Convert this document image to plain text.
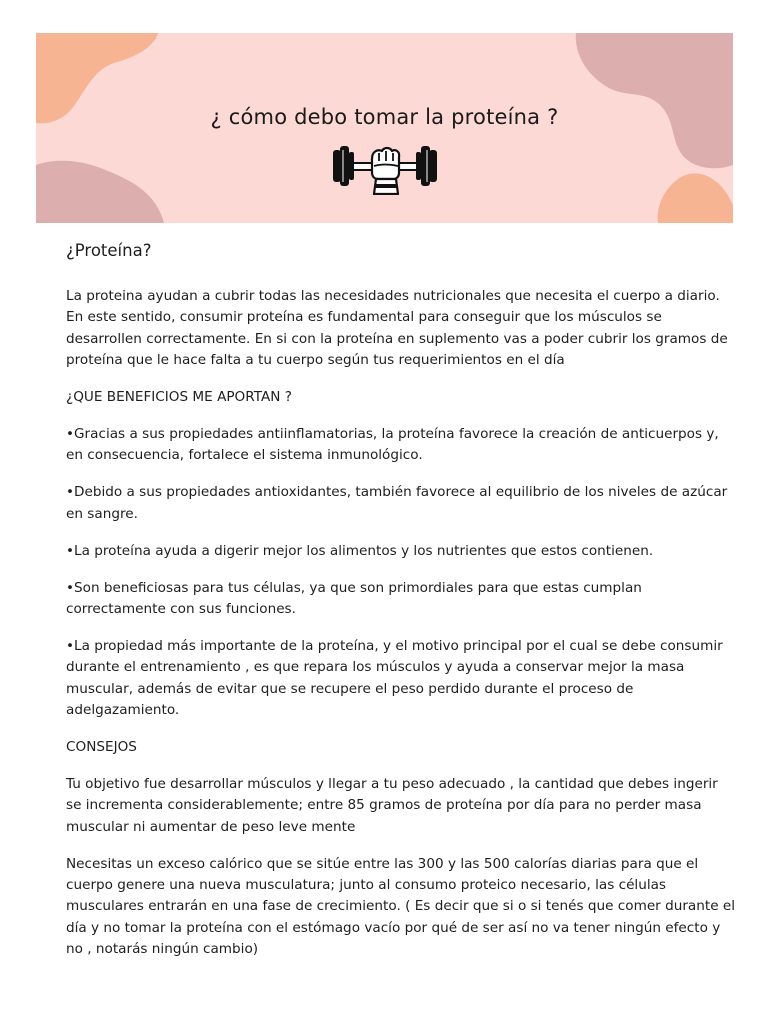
¿ cómo debo tomar la proteína ?
¿Proteína?

La proteina ayudan a cubrir todas las necesidades nutricionales que necesita el cuerpo a diario. En este sentido, consumir proteína es fundamental para conseguir que los músculos se desarrollen correctamente. En si con la proteína en suplemento vas a poder cubrir los gramos de proteína que le hace falta a tu cuerpo según tus requerimientos en el día

¿QUE BENEFICIOS ME APORTAN ?

•Gracias a sus propiedades antiinflamatorias, la proteína favorece la creación de anticuerpos y, en consecuencia, fortalece el sistema inmunológico.

•Debido a sus propiedades antioxidantes, también favorece al equilibrio de los niveles de azúcar en sangre.

•La proteína ayuda a digerir mejor los alimentos y los nutrientes que estos contienen.

•Son beneficiosas para tus células, ya que son primordiales para que estas cumplan correctamente con sus funciones.

•La propiedad más importante de la proteína, y el motivo principal por el cual se debe consumir durante el entrenamiento , es que repara los músculos y ayuda a conservar mejor la masa muscular, además de evitar que se recupere el peso perdido durante el proceso de adelgazamiento.

CONSEJOS

Tu objetivo fue desarrollar músculos y llegar a tu peso adecuado , la cantidad que debes ingerir se incrementa considerablemente; entre 85 gramos de proteína por día para no perder masa muscular ni aumentar de peso leve mente

Necesitas un exceso calórico que se sitúe entre las 300 y las 500 calorías diarias para que el cuerpo genere una nueva musculatura; junto al consumo proteico necesario, las células musculares entrarán en una fase de crecimiento. ( Es decir que si o si tenés que comer durante el día y no tomar la proteína con el estómago vacío por qué de ser así no va tener ningún efecto y no , notarás ningún cambio)
